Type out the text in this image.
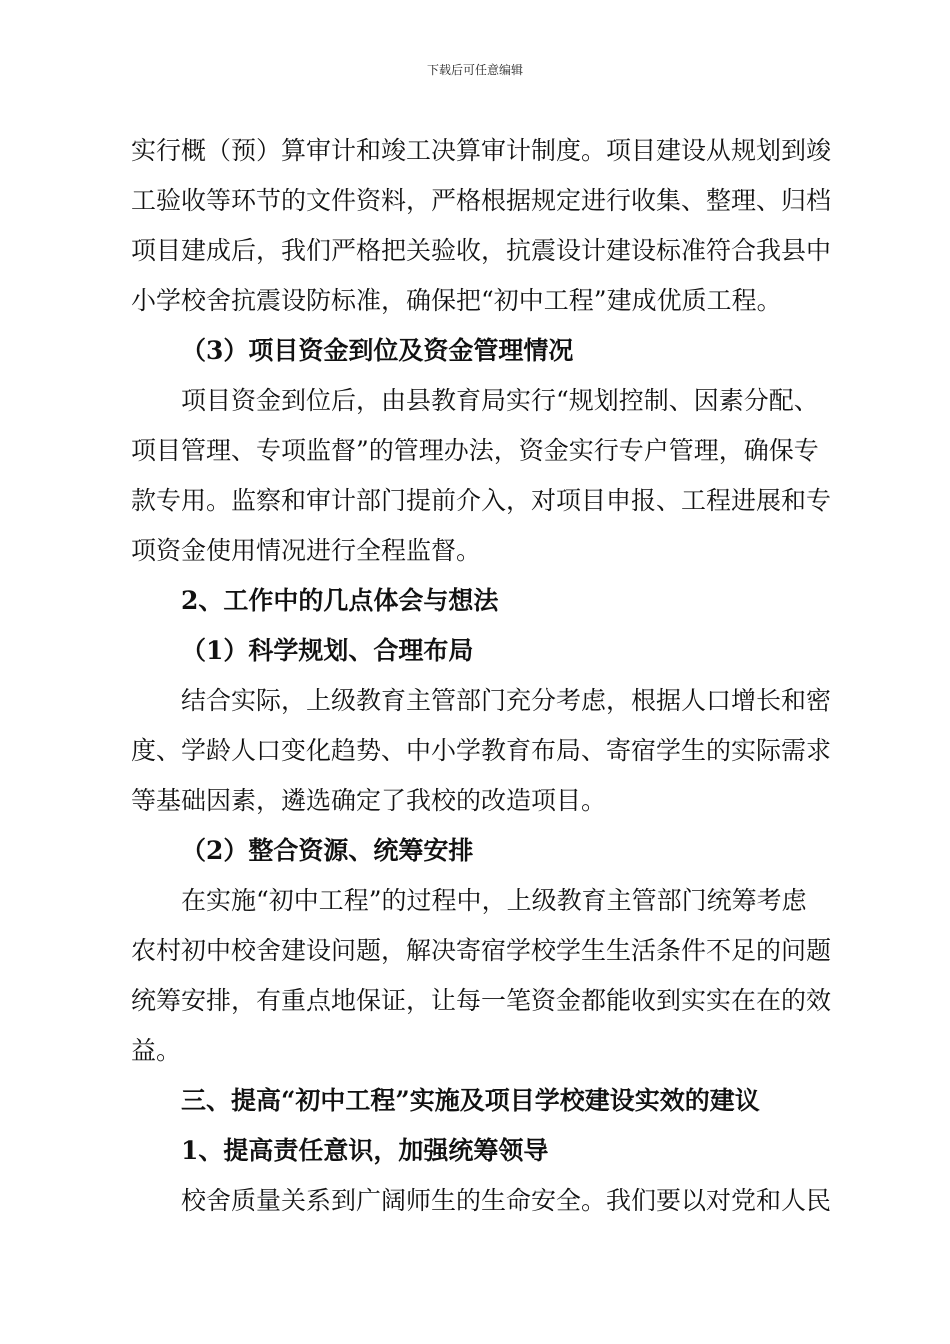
下载后可任意编辑
实行概（预）算审计和竣工决算审计制度。项目建设从规划到竣
工验收等环节的文件资料，严格根据规定进行收集、整理、归档
项目建成后，我们严格把关验收，抗震设计建设标准符合我县中
小学校舍抗震设防标准，确保把“初中工程”建成优质工程。
（3）项目资金到位及资金管理情况
项目资金到位后，由县教育局实行“规划控制、因素分配、
项目管理、专项监督”的管理办法，资金实行专户管理，确保专
款专用。监察和审计部门提前介入，对项目申报、工程进展和专
项资金使用情况进行全程监督。
2、工作中的几点体会与想法
（1）科学规划、合理布局
结合实际，上级教育主管部门充分考虑，根据人口增长和密
度、学龄人口变化趋势、中小学教育布局、寄宿学生的实际需求
等基础因素，遴选确定了我校的改造项目。
（2）整合资源、统筹安排
在实施“初中工程”的过程中，上级教育主管部门统筹考虑
农村初中校舍建设问题，解决寄宿学校学生生活条件不足的问题
统筹安排，有重点地保证，让每一笔资金都能收到实实在在的效
益。
三、提高“初中工程”实施及项目学校建设实效的建议
1、提高责任意识，加强统筹领导
校舍质量关系到广阔师生的生命安全。我们要以对党和人民
